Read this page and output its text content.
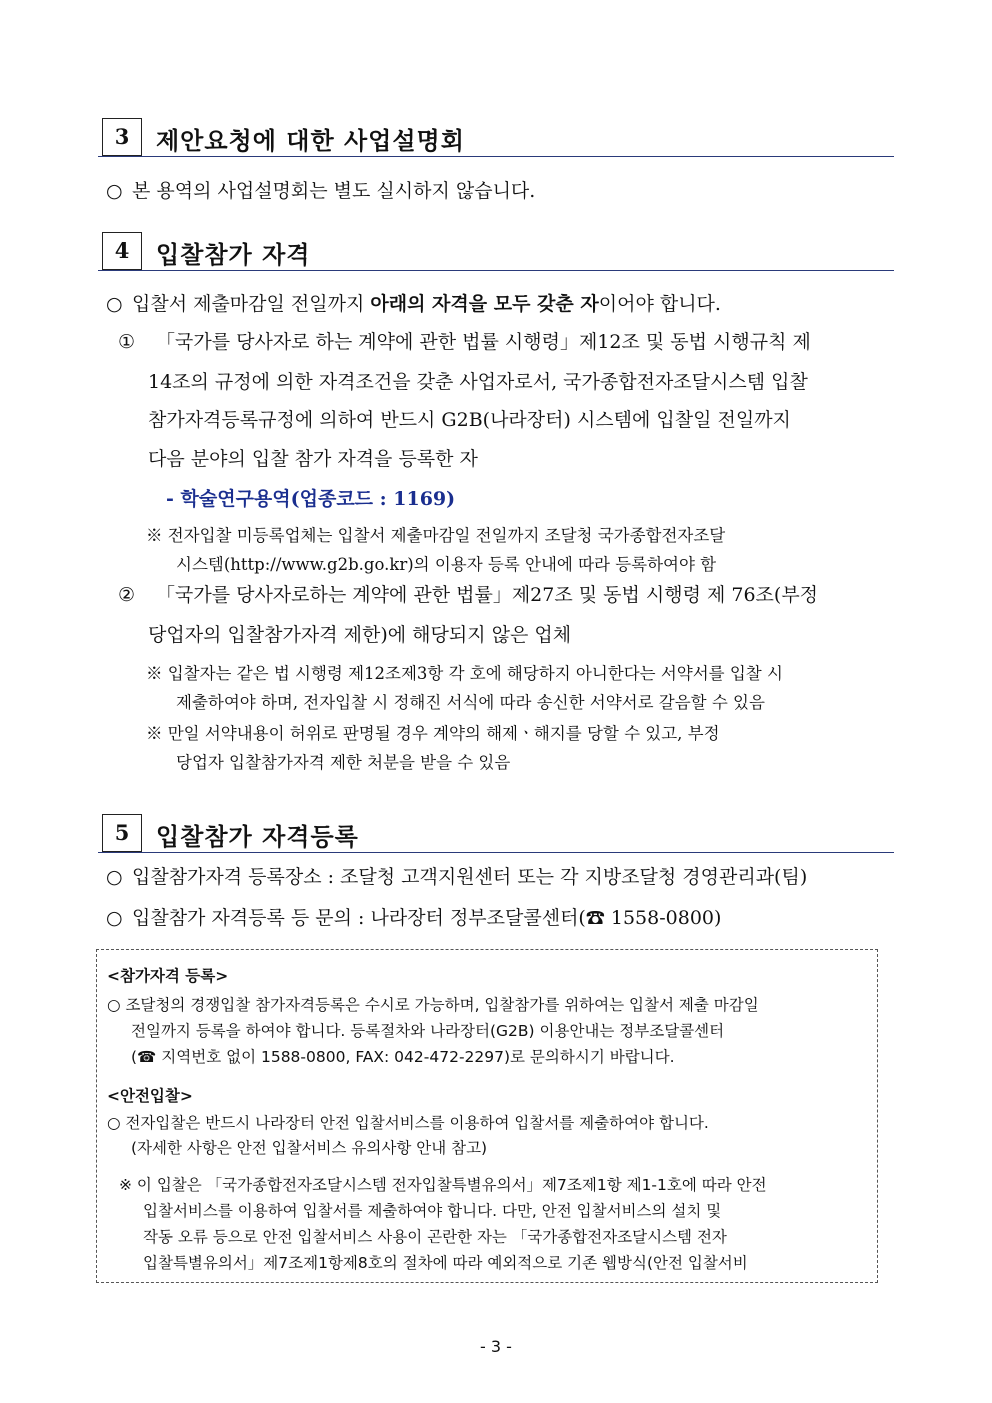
3	제안요청에 대한 사업설명회
○ 본 용역의 사업설명회는 별도 실시하지 않습니다.
4	입찰참가 자격
○ 입찰서 제출마감일 전일까지 아래의 자격을 모두 갖춘 자이어야 합니다.
① 「국가를 당사자로 하는 계약에 관한 법률 시행령」제12조 및 동법 시행규칙 제
14조의 규정에 의한 자격조건을 갖춘 사업자로서, 국가종합전자조달시스템 입찰
참가자격등록규정에 의하여 반드시 G2B(나라장터) 시스템에 입찰일 전일까지
다음 분야의 입찰 참가 자격을 등록한 자
- 학술연구용역(업종코드 : 1169)
※ 전자입찰 미등록업체는 입찰서 제출마감일 전일까지 조달청 국가종합전자조달
시스템(http://www.g2b.go.kr)의 이용자 등록 안내에 따라 등록하여야 함
② 「국가를 당사자로하는 계약에 관한 법률」제27조 및 동법 시행령 제 76조(부정
당업자의 입찰참가자격 제한)에 해당되지 않은 업체
※ 입찰자는 같은 법 시행령 제12조제3항 각 호에 해당하지 아니한다는 서약서를 입찰 시
제출하여야 하며, 전자입찰 시 정해진 서식에 따라 송신한 서약서로 갈음할 수 있음
※ 만일 서약내용이 허위로 판명될 경우 계약의 해제ㆍ해지를 당할 수 있고, 부정
당업자 입찰참가자격 제한 처분을 받을 수 있음
5	입찰참가 자격등록
○ 입찰참가자격 등록장소 : 조달청 고객지원센터 또는 각 지방조달청 경영관리과(팀)
○ 입찰참가 자격등록 등 문의 : 나라장터 정부조달콜센터(☎ 1558-0800)
<참가자격 등록>
○ 조달청의 경쟁입찰 참가자격등록은 수시로 가능하며, 입찰참가를 위하여는 입찰서 제출 마감일
전일까지 등록을 하여야 합니다. 등록절차와 나라장터(G2B) 이용안내는 정부조달콜센터
(☎ 지역번호 없이 1588-0800, FAX: 042-472-2297)로 문의하시기 바랍니다.
<안전입찰>
○ 전자입찰은 반드시 나라장터 안전 입찰서비스를 이용하여 입찰서를 제출하여야 합니다.
(자세한 사항은 안전 입찰서비스 유의사항 안내 참고)
※ 이 입찰은 「국가종합전자조달시스템 전자입찰특별유의서」제7조제1항 제1-1호에 따라 안전
입찰서비스를 이용하여 입찰서를 제출하여야 합니다. 다만, 안전 입찰서비스의 설치 및
작동 오류 등으로 안전 입찰서비스 사용이 곤란한 자는 「국가종합전자조달시스템 전자
입찰특별유의서」제7조제1항제8호의 절차에 따라 예외적으로 기존 웹방식(안전 입찰서비
- 3 -
